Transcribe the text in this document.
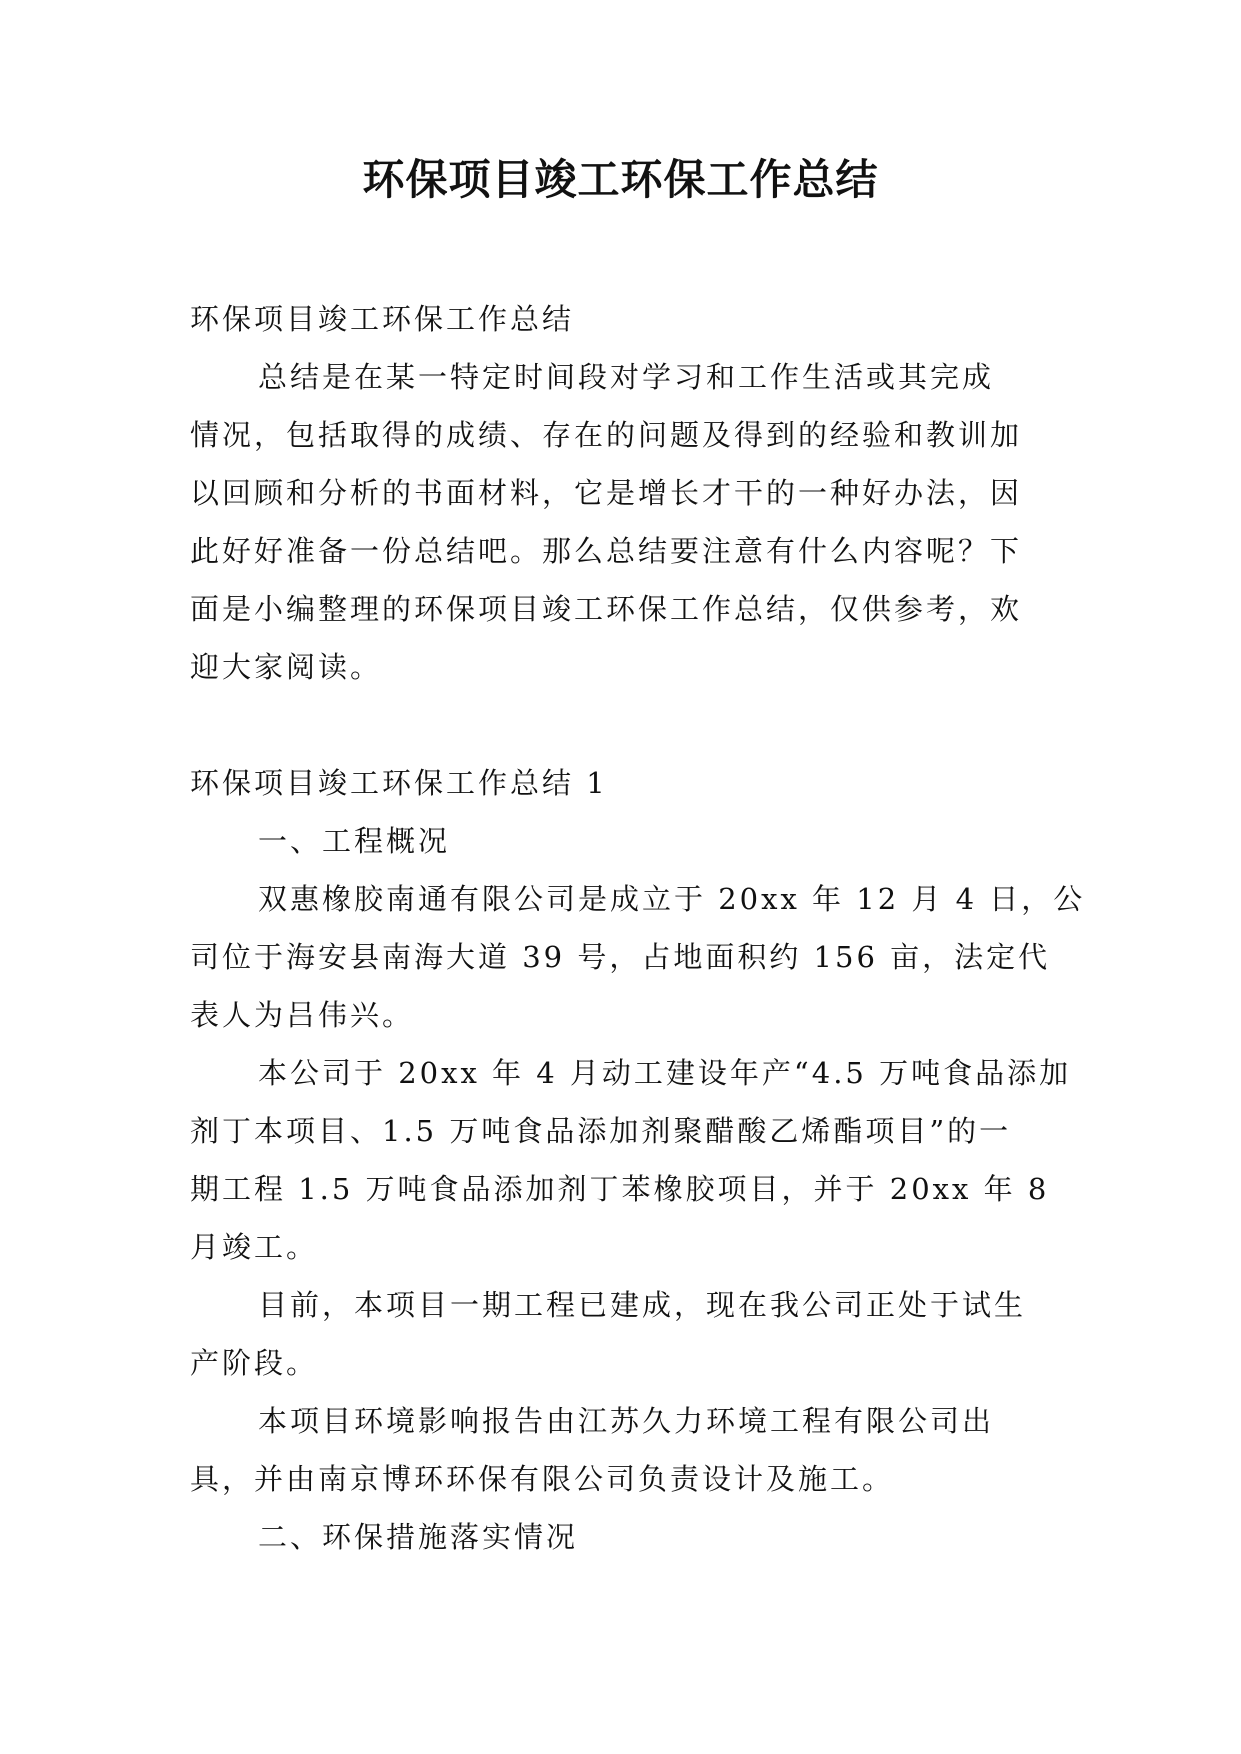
环保项目竣工环保工作总结

环保项目竣工环保工作总结

总结是在某一特定时间段对学习和工作生活或其完成

情况，包括取得的成绩、存在的问题及得到的经验和教训加

以回顾和分析的书面材料，它是增长才干的一种好办法，因

此好好准备一份总结吧。那么总结要注意有什么内容呢？下

面是小编整理的环保项目竣工环保工作总结，仅供参考，欢

迎大家阅读。

环保项目竣工环保工作总结 1

一、工程概况

双惠橡胶南通有限公司是成立于 20xx 年 12 月 4 日，公

司位于海安县南海大道 39 号，占地面积约 156 亩，法定代

表人为吕伟兴。

本公司于 20xx 年 4 月动工建设年产“4.5 万吨食品添加

剂丁本项目、1.5 万吨食品添加剂聚醋酸乙烯酯项目”的一

期工程 1.5 万吨食品添加剂丁苯橡胶项目，并于 20xx 年 8

月竣工。

目前，本项目一期工程已建成，现在我公司正处于试生

产阶段。

本项目环境影响报告由江苏久力环境工程有限公司出

具，并由南京博环环保有限公司负责设计及施工。

二、环保措施落实情况
